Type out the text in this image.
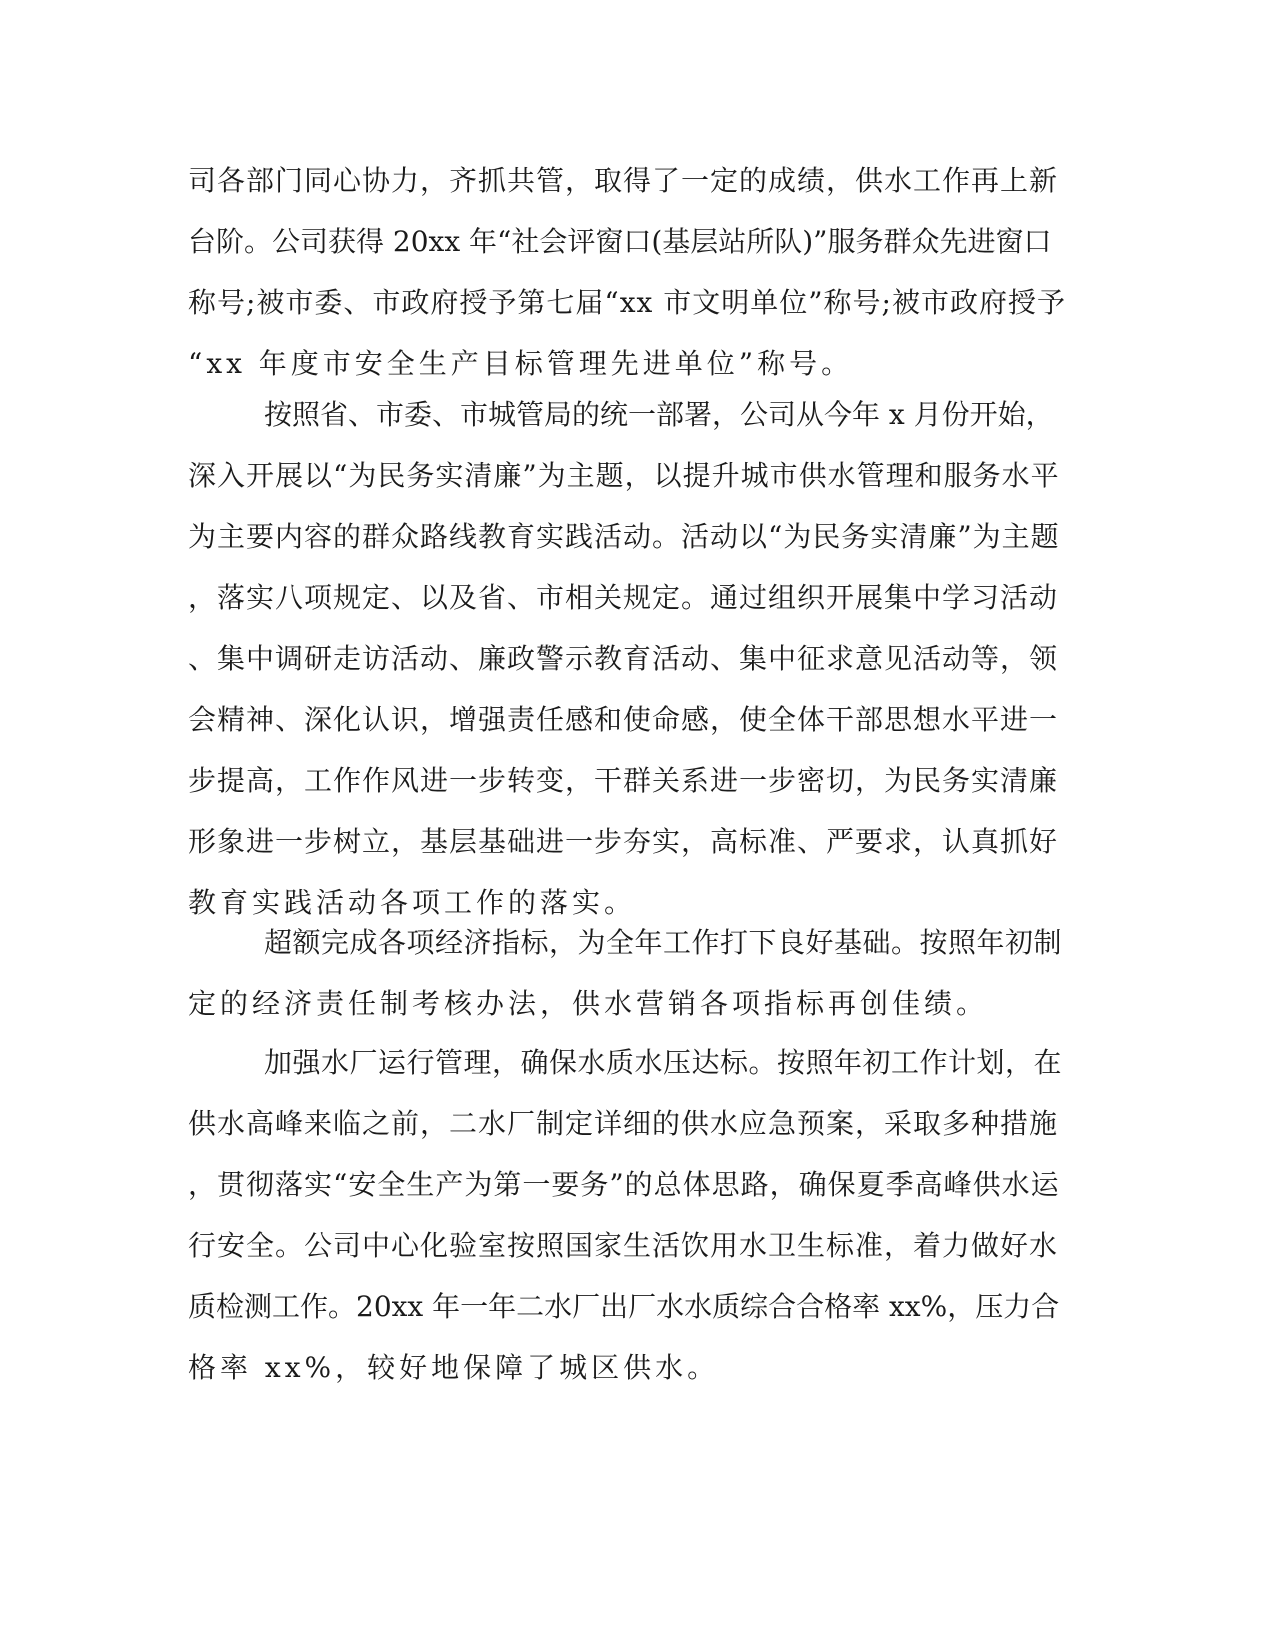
司各部门同心协力，齐抓共管，取得了一定的成绩，供水工作再上新
台阶。公司获得 20xx 年“社会评窗口(基层站所队)”服务群众先进窗口
称号;被市委、市政府授予第七届“xx 市文明单位”称号;被市政府授予
“xx 年度市安全生产目标管理先进单位”称号。
按照省、市委、市城管局的统一部署，公司从今年 x 月份开始，
深入开展以“为民务实清廉”为主题，以提升城市供水管理和服务水平
为主要内容的群众路线教育实践活动。活动以“为民务实清廉”为主题
，落实八项规定、以及省、市相关规定。通过组织开展集中学习活动
、集中调研走访活动、廉政警示教育活动、集中征求意见活动等，领
会精神、深化认识，增强责任感和使命感，使全体干部思想水平进一
步提高，工作作风进一步转变，干群关系进一步密切，为民务实清廉
形象进一步树立，基层基础进一步夯实，高标准、严要求，认真抓好
教育实践活动各项工作的落实。
超额完成各项经济指标，为全年工作打下良好基础。按照年初制
定的经济责任制考核办法，供水营销各项指标再创佳绩。
加强水厂运行管理，确保水质水压达标。按照年初工作计划，在
供水高峰来临之前，二水厂制定详细的供水应急预案，采取多种措施
，贯彻落实“安全生产为第一要务”的总体思路，确保夏季高峰供水运
行安全。公司中心化验室按照国家生活饮用水卫生标准，着力做好水
质检测工作。20xx 年一年二水厂出厂水水质综合合格率 xx%，压力合
格率 xx%，较好地保障了城区供水。
